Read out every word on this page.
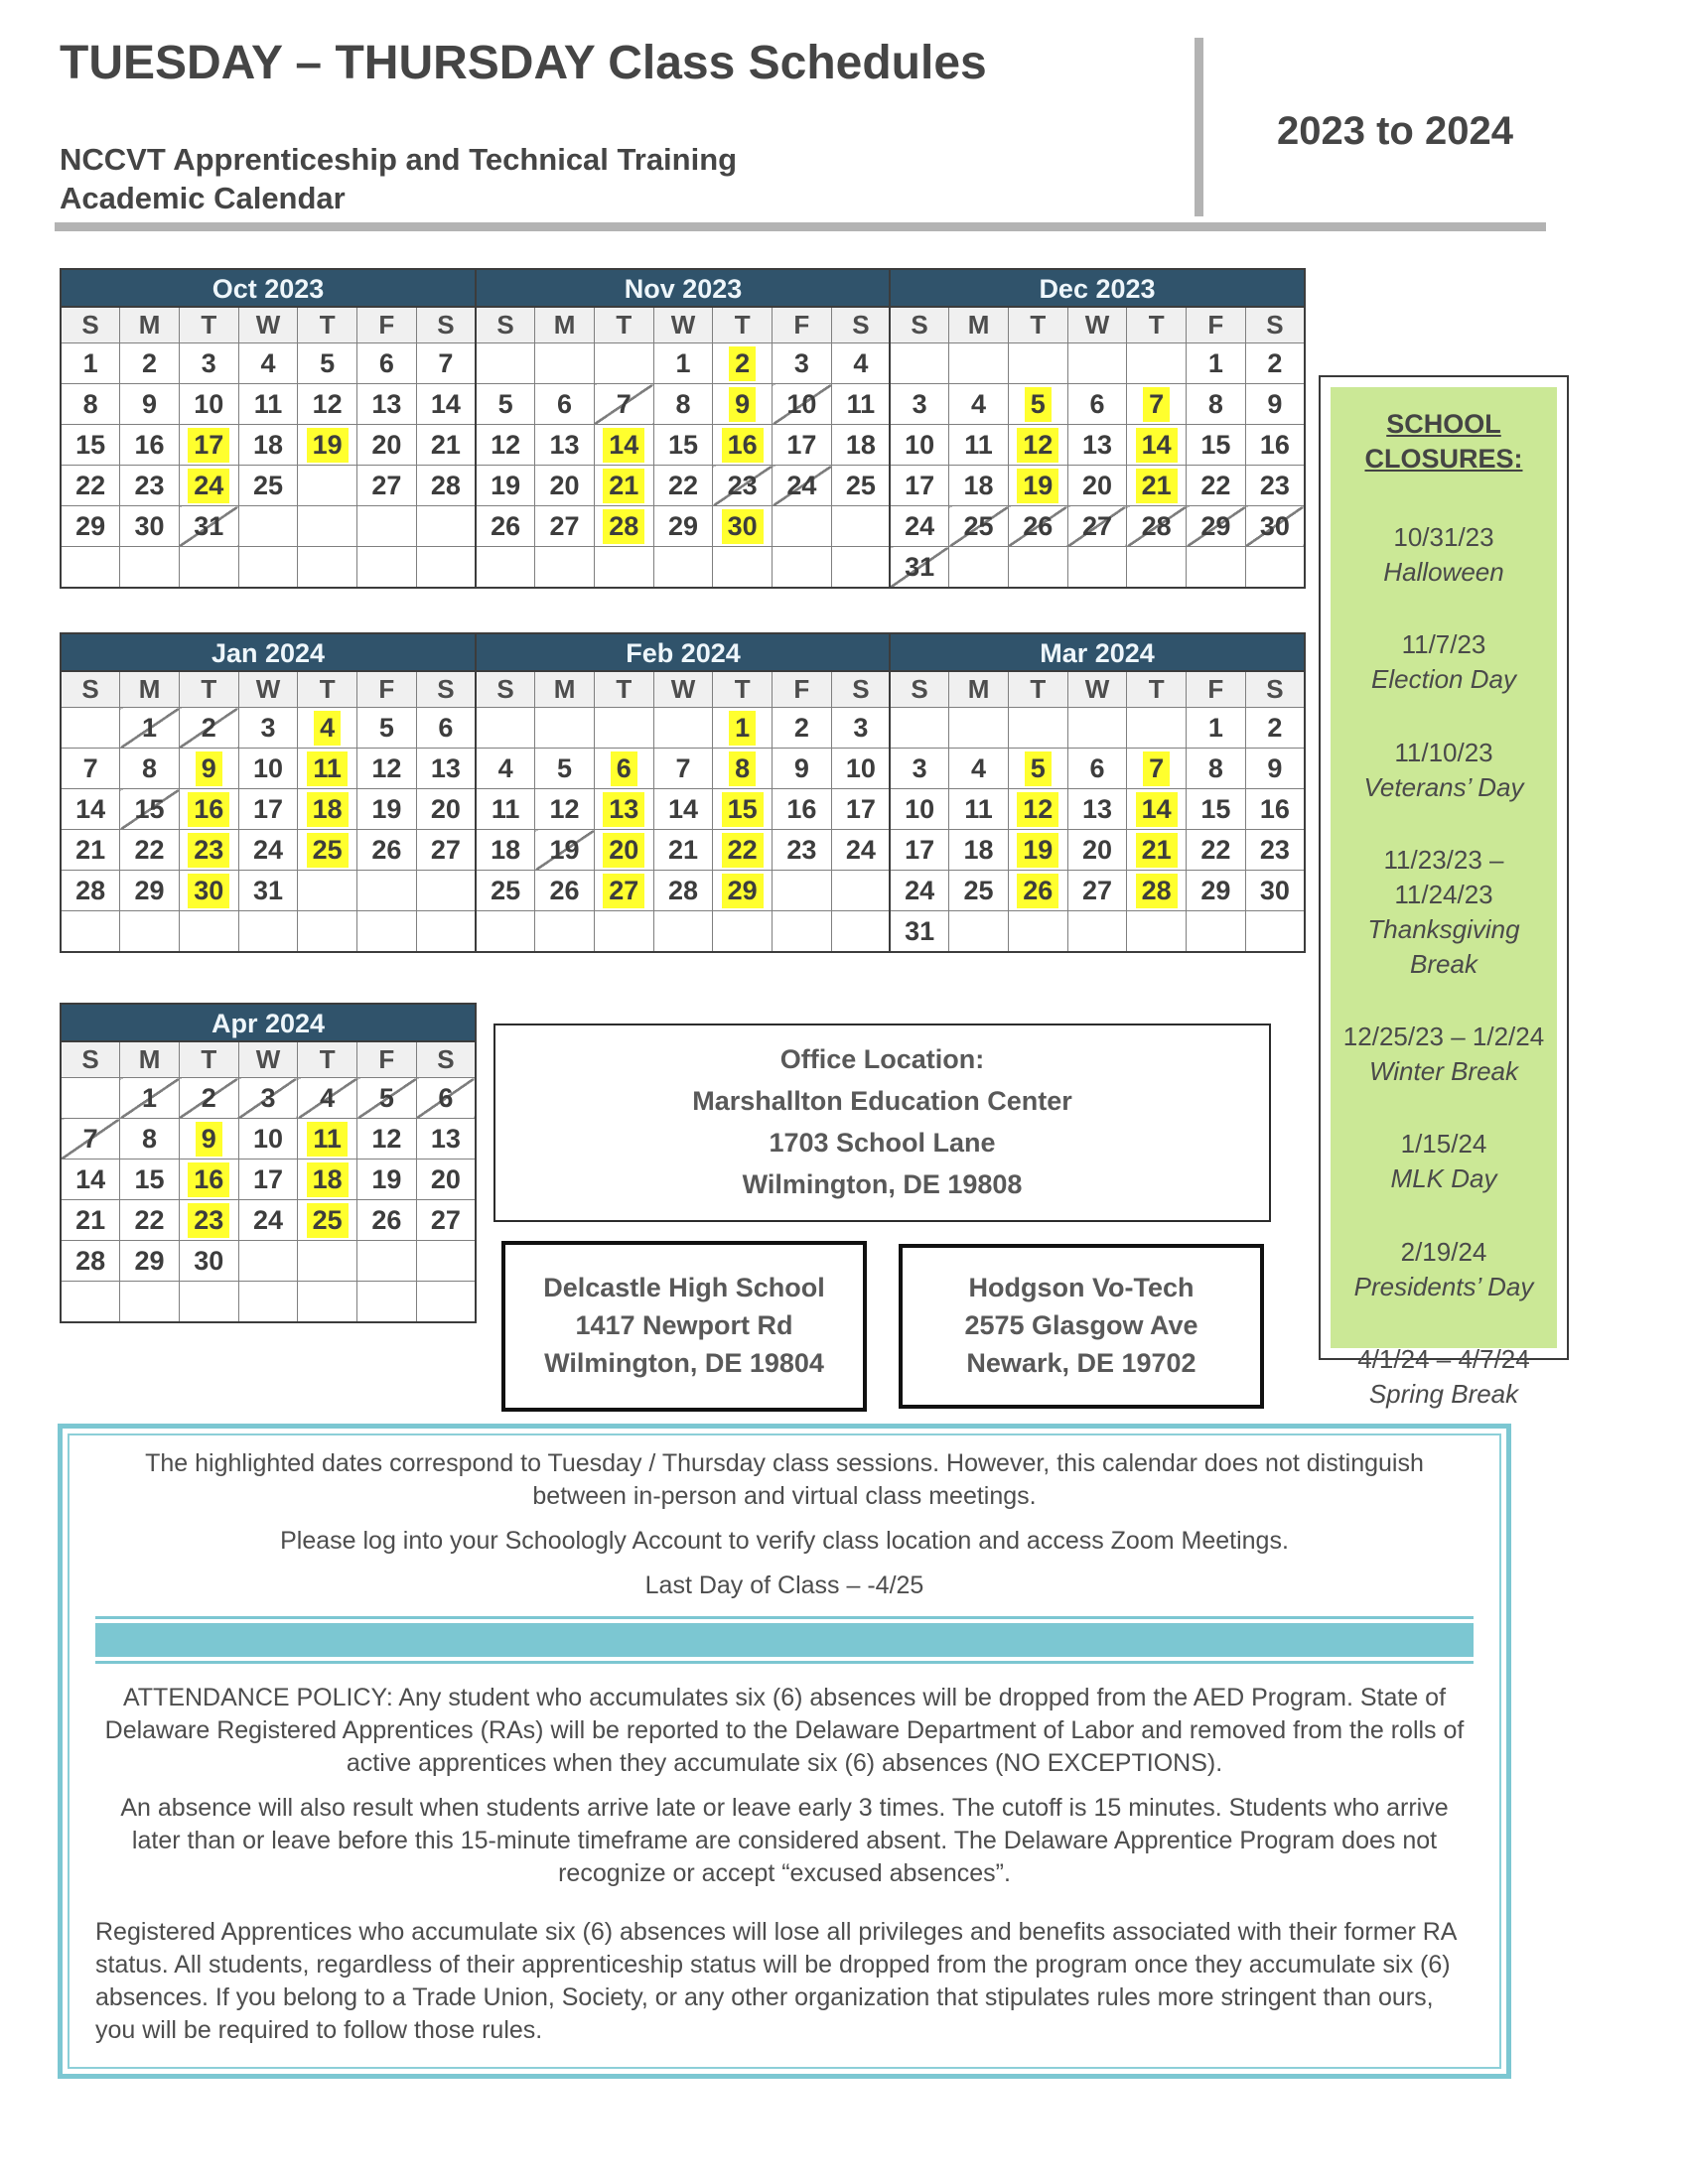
TUESDAY – THURSDAY Class Schedules
2023 to 2024
NCCVT Apprenticeship and Technical Training
Academic Calendar
Oct 2023
S	M	T	W	T	F	S
1	2	3	4	5	6	7
8	9	10	11	12	13	14
15	16	17	18	19	20	21
22	23	24	25		27	28
29	30	31				

Nov 2023
S	M	T	W	T	F	S
			1	2	3	4
5	6	7	8	9	10	11
12	13	14	15	16	17	18
19	20	21	22	23	24	25
26	27	28	29	30		

Dec 2023
S	M	T	W	T	F	S
					1	2
3	4	5	6	7	8	9
10	11	12	13	14	15	16
17	18	19	20	21	22	23
24	25	26	27	28	29	30
31						
Jan 2024
S	M	T	W	T	F	S
	1	2	3	4	5	6
7	8	9	10	11	12	13
14	15	16	17	18	19	20
21	22	23	24	25	26	27
28	29	30	31			

Feb 2024
S	M	T	W	T	F	S
				1	2	3
4	5	6	7	8	9	10
11	12	13	14	15	16	17
18	19	20	21	22	23	24
25	26	27	28	29		

Mar 2024
S	M	T	W	T	F	S
					1	2
3	4	5	6	7	8	9
10	11	12	13	14	15	16
17	18	19	20	21	22	23
24	25	26	27	28	29	30
31						
Apr 2024
S	M	T	W	T	F	S
	1	2	3	4	5	6
7	8	9	10	11	12	13
14	15	16	17	18	19	20
21	22	23	24	25	26	27
28	29	30				

SCHOOL
CLOSURES:
10/31/23
Halloween
11/7/23
Election Day
11/10/23
Veterans’ Day
11/23/23 – 11/24/23
Thanksgiving Break
12/25/23 – 1/2/24
Winter Break
1/15/24
MLK Day
2/19/24
Presidents’ Day
4/1/24 – 4/7/24
Spring Break
Office Location:
Marshallton Education Center
1703 School Lane
Wilmington, DE 19808
Delcastle High School
1417 Newport Rd
Wilmington, DE 19804
Hodgson Vo-Tech
2575 Glasgow Ave
Newark, DE 19702

The highlighted dates correspond to Tuesday / Thursday class sessions. However, this calendar does not distinguish between in-person and virtual class meetings.

Please log into your Schoologly Account to verify class location and access Zoom Meetings.

Last Day of Class – -4/25

ATTENDANCE POLICY: Any student who accumulates six (6) absences will be dropped from the AED Program. State of Delaware Registered Apprentices (RAs) will be reported to the Delaware Department of Labor and removed from the rolls of active apprentices when they accumulate six (6) absences (NO EXCEPTIONS).

An absence will also result when students arrive late or leave early 3 times. The cutoff is 15 minutes. Students who arrive later than or leave before this 15-minute timeframe are considered absent. The Delaware Apprentice Program does not recognize or accept “excused absences”.

Registered Apprentices who accumulate six (6) absences will lose all privileges and benefits associated with their former RA status. All students, regardless of their apprenticeship status will be dropped from the program once they accumulate six (6) absences. If you belong to a Trade Union, Society, or any other organization that stipulates rules more stringent than ours, you will be required to follow those rules.
